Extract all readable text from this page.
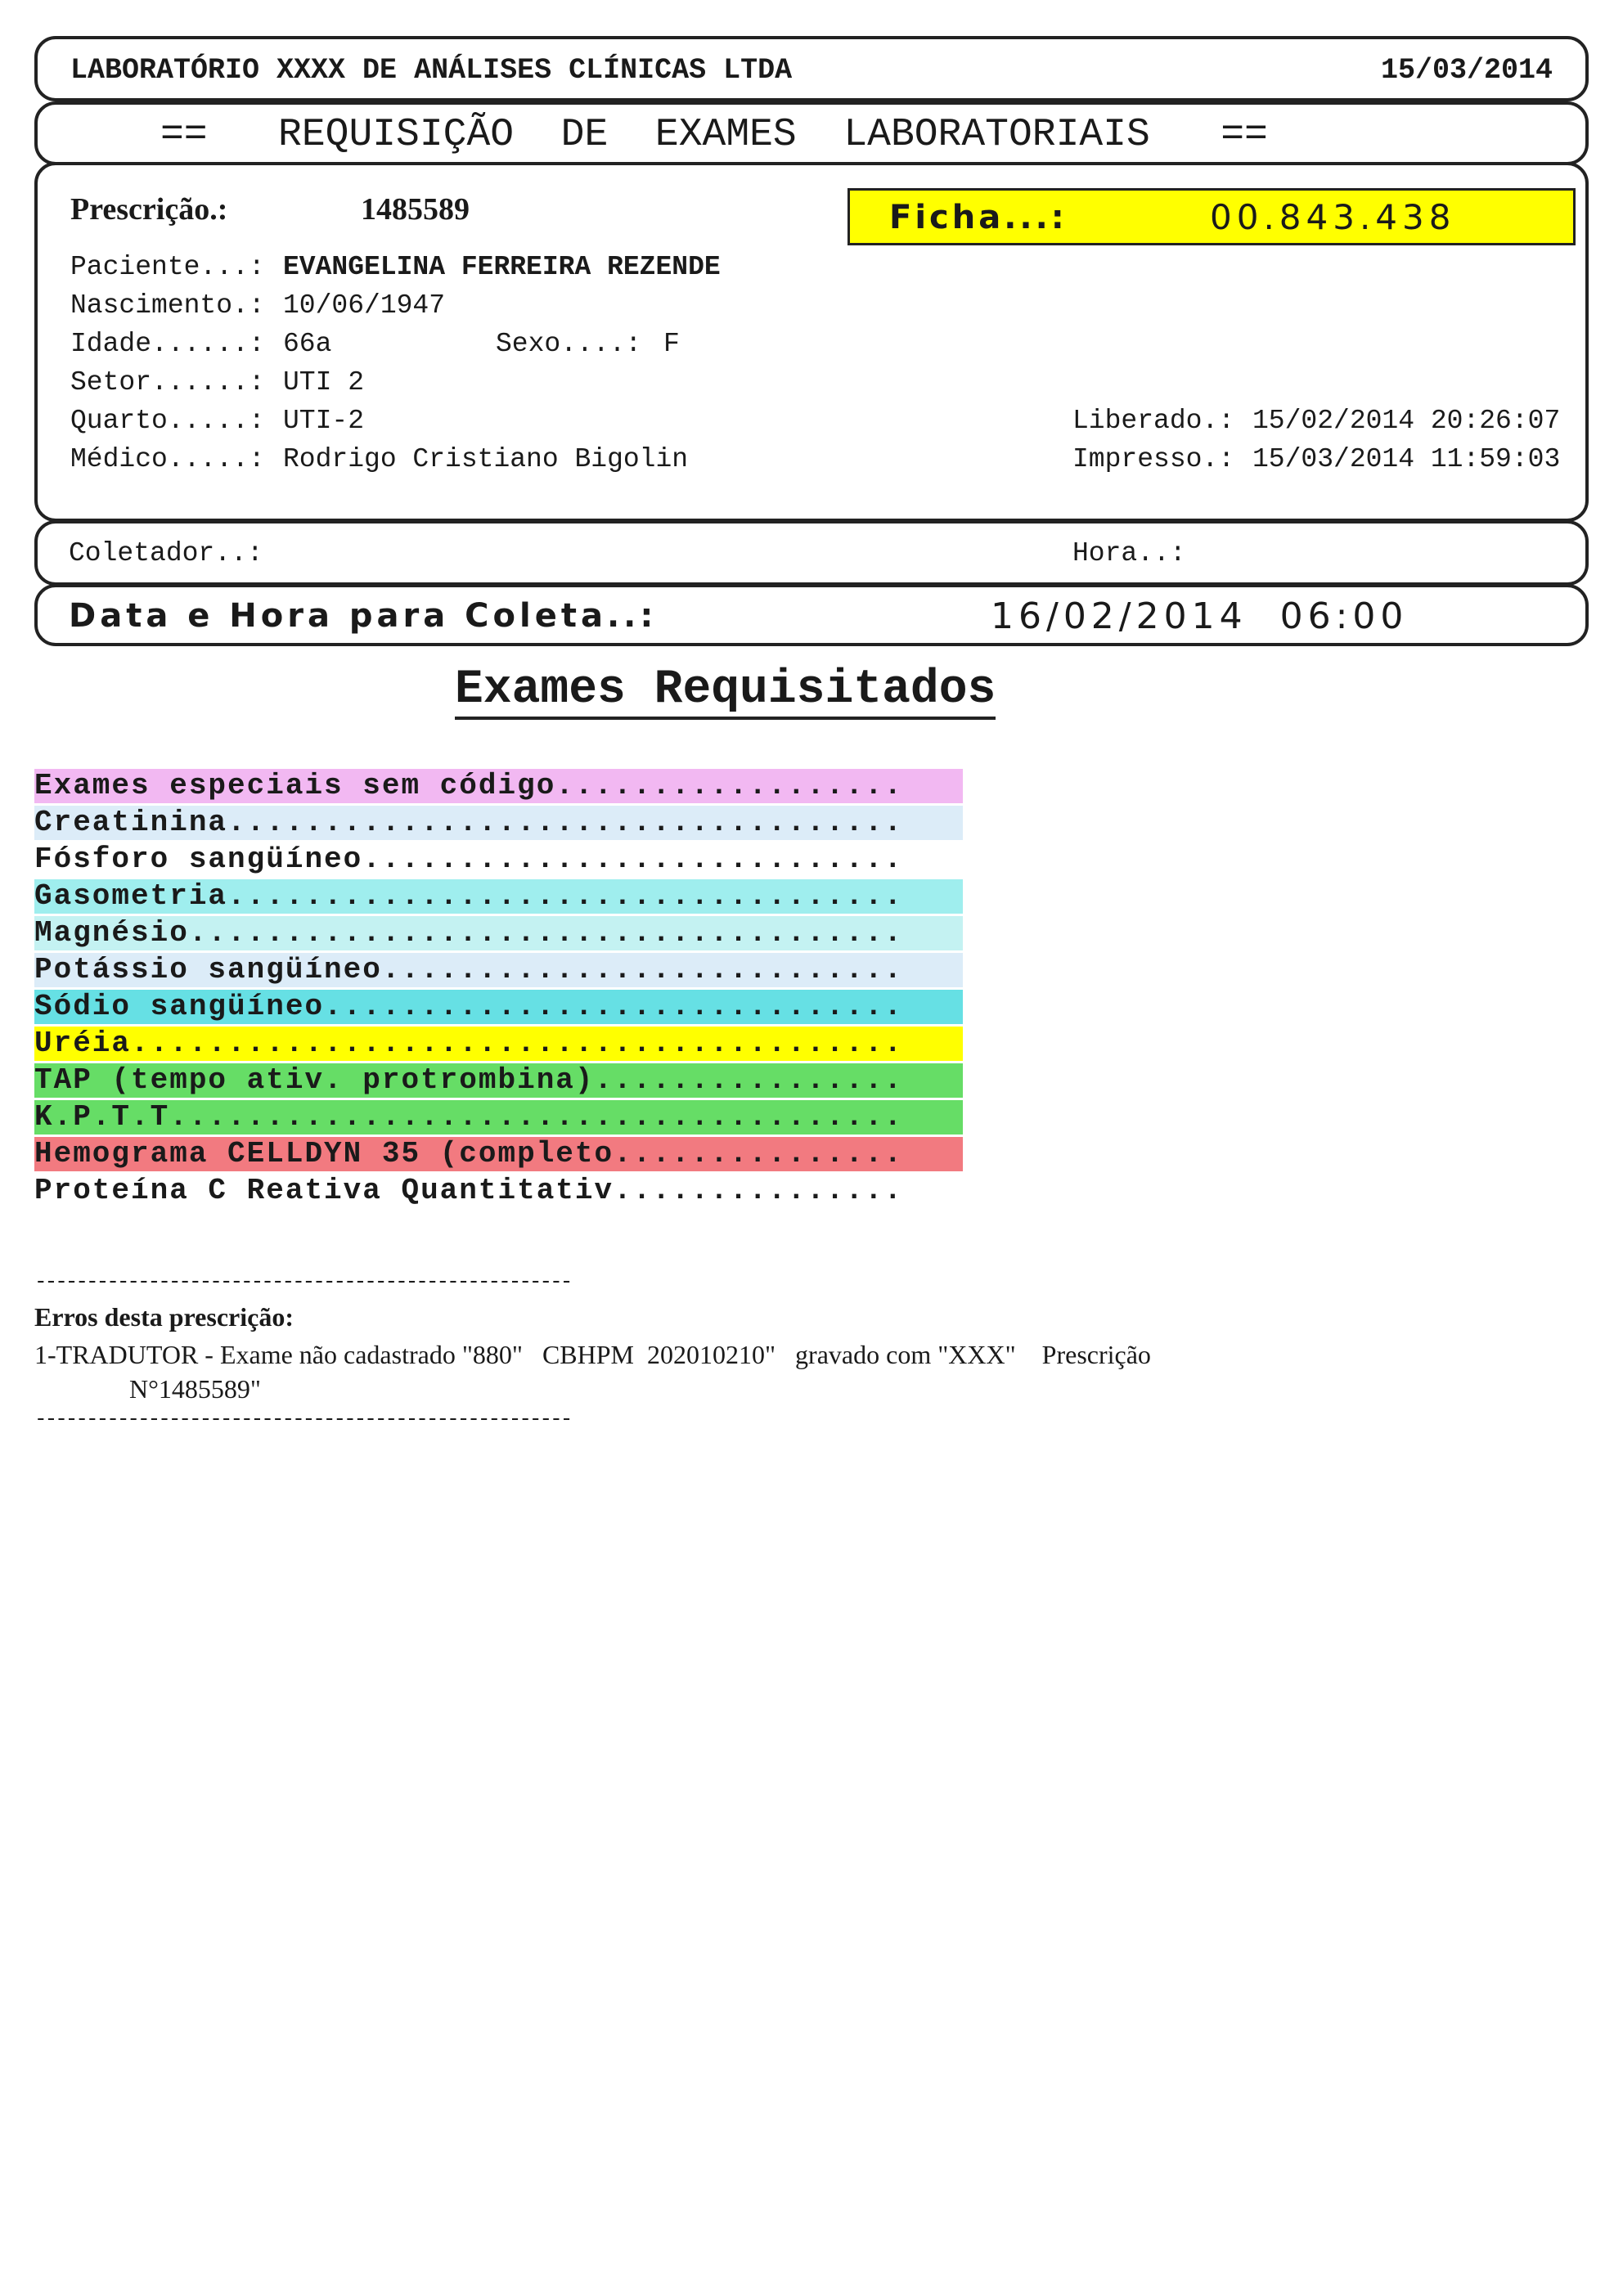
LABORATÓRIO XXXX DE ANÁLISES CLÍNICAS LTDA	15/03/2014
==   REQUISIÇÃO  DE  EXAMES  LABORATORIAIS   ==
Prescrição.:	1485589	Ficha...:	00.843.438
Paciente...: EVANGELINA FERREIRA REZENDE
Nascimento.: 10/06/1947
Idade......: 66a	Sexo....: F
Setor......: UTI 2
Quarto.....: UTI-2	Liberado.: 15/02/2014 20:26:07
Médico.....: Rodrigo Cristiano Bigolin	Impresso.: 15/03/2014 11:59:03
Coletador..:	Hora..:
Data e Hora para Coleta..:	16/02/2014  06:00
Exames Requisitados
Exames especiais sem código..................
Creatinina...................................
Fósforo sangüíneo............................
Gasometria...................................
Magnésio.....................................
Potássio sangüíneo...........................
Sódio sangüíneo..............................
Uréia........................................
TAP (tempo ativ. protrombina)................
K.P.T.T......................................
Hemograma CELLDYN 35 (completo...............
Proteína C Reativa Quantitativ...............
----------------------------------------------------
Erros desta prescrição:
1-TRADUTOR - Exame não cadastrado "880"   CBHPM  202010210"   gravado com "XXX"    Prescrição
N°1485589"
----------------------------------------------------
